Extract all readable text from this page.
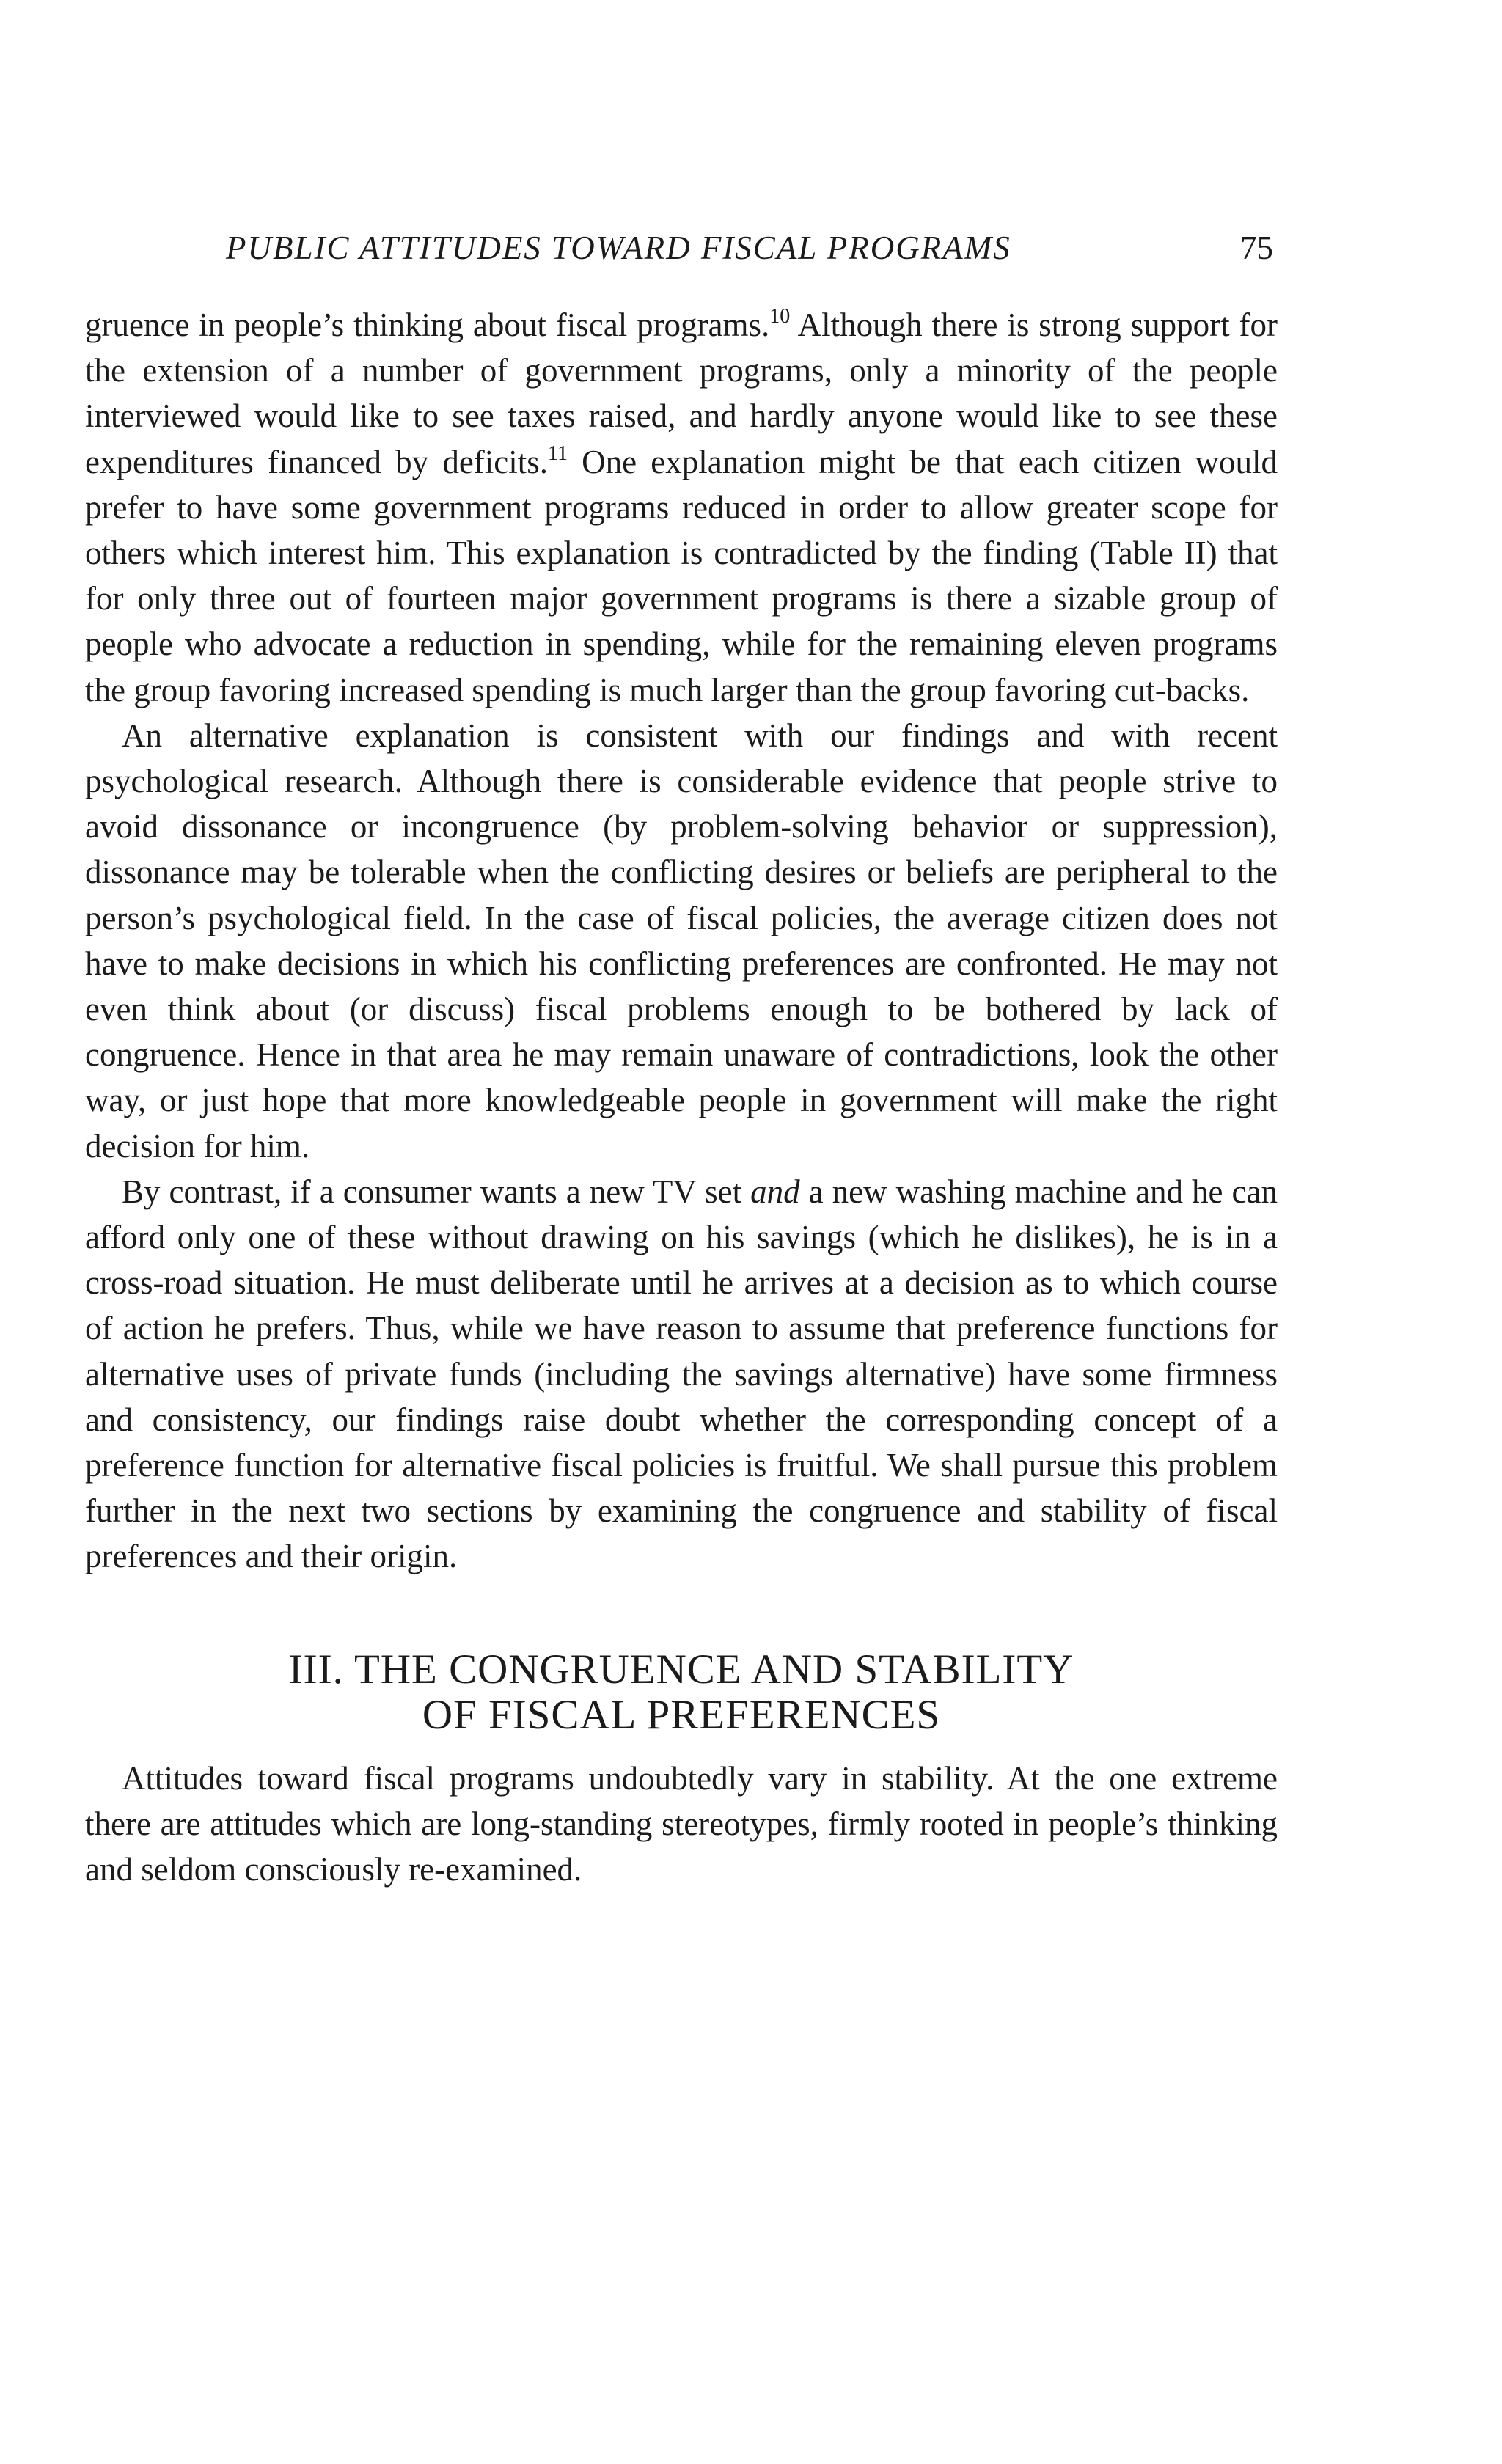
PUBLIC ATTITUDES TOWARD FISCAL PROGRAMS	75

gruence in people’s thinking about fiscal programs.$^{10}$ Although there is strong support for the extension of a number of government programs, only a minority of the people interviewed would like to see taxes raised, and hardly anyone would like to see these expenditures financed by deficits.$^{11}$ One explanation might be that each citizen would prefer to have some government programs reduced in order to allow greater scope for others which interest him. This explanation is contradicted by the finding (Table II) that for only three out of fourteen major government programs is there a sizable group of people who advocate a reduction in spending, while for the remaining eleven programs the group favoring increased spending is much larger than the group favoring cut-backs.

An alternative explanation is consistent with our findings and with recent psychological research. Although there is considerable evidence that people strive to avoid dissonance or incongruence (by problem-solving behavior or suppression), dissonance may be tolerable when the conflicting desires or beliefs are peripheral to the person’s psychological field. In the case of fiscal policies, the average citizen does not have to make decisions in which his conflicting preferences are confronted. He may not even think about (or discuss) fiscal problems enough to be bothered by lack of congruence. Hence in that area he may remain unaware of contradictions, look the other way, or just hope that more knowledgeable people in government will make the right decision for him.

By contrast, if a consumer wants a new TV set and a new washing machine and he can afford only one of these without drawing on his savings (which he dislikes), he is in a cross-road situation. He must deliberate until he arrives at a decision as to which course of action he prefers. Thus, while we have reason to assume that preference functions for alternative uses of private funds (including the savings alternative) have some firmness and consistency, our findings raise doubt whether the corresponding concept of a preference function for alternative fiscal policies is fruitful. We shall pursue this problem further in the next two sections by examining the congruence and stability of fiscal preferences and their origin.

III. THE CONGRUENCE AND STABILITY
OF FISCAL PREFERENCES

Attitudes toward fiscal programs undoubtedly vary in stability. At the one extreme there are attitudes which are long-standing stereotypes, firmly rooted in people’s thinking and seldom consciously re-examined.
